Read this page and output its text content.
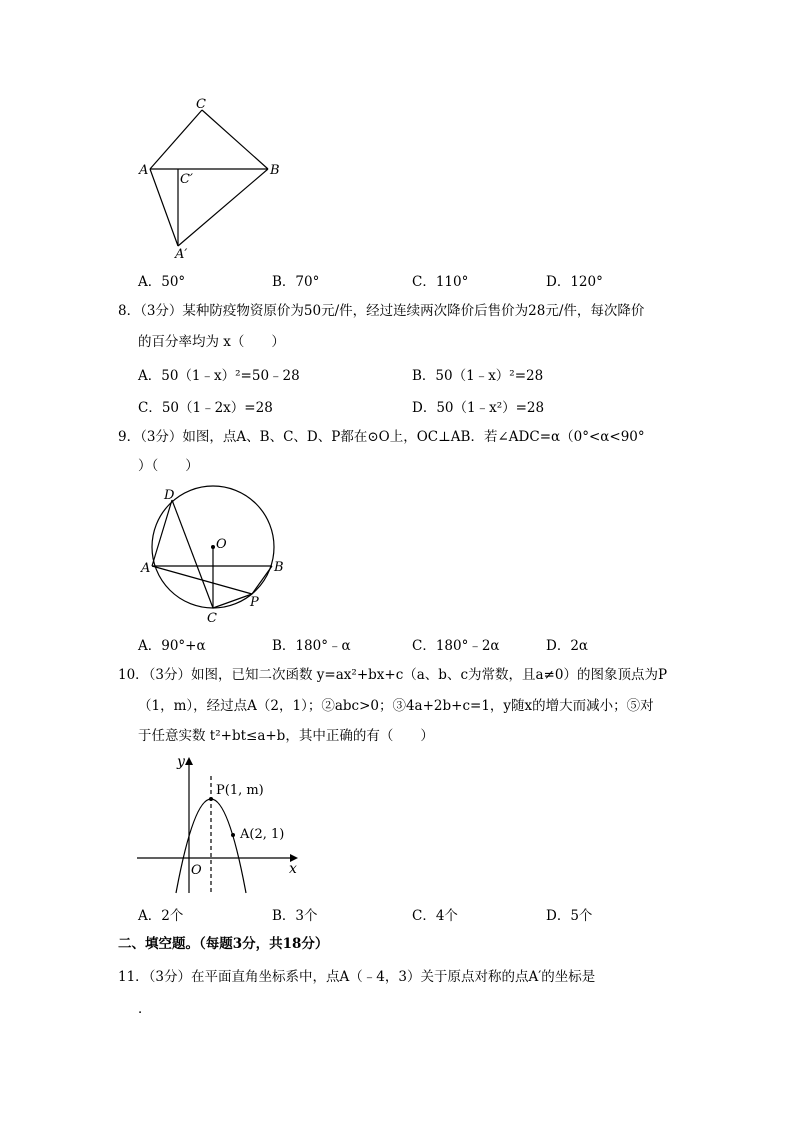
C
A	B
C′
A′
A．50°	B．70°	C．110°	D．120°
8．（3分）某种防疫物资原价为50元/件，经过连续两次降价后售价为28元/件，每次降价
的百分率均为 x（　　）
A．50（1﹣x）²=50﹣28	B．50（1﹣x）²=28
C．50（1﹣2x）=28	D．50（1﹣x²）=28
9．（3分）如图，点A、B、C、D、P都在⊙O上，OC⊥AB．若∠ADC=α（0°<α<90°
）（　　）
D
O
A	B
P
C
A．90°+α	B．180°﹣α	C．180°﹣2α	D．2α
10．（3分）如图，已知二次函数 y=ax²+bx+c（a、b、c为常数，且a≠0）的图象顶点为P
（1，m），经过点A（2，1）；②abc>0；③4a+2b+c=1，y随x的增大而减小；⑤对
于任意实数 t²+bt≤a+b，其中正确的有（　　）
y
x
O
P(1, m)
A(2, 1)
A．2个	B．3个	C．4个	D．5个
二、填空题。（每题3分，共18分）
11．（3分）在平面直角坐标系中，点A（﹣4，3）关于原点对称的点A′的坐标是
．
